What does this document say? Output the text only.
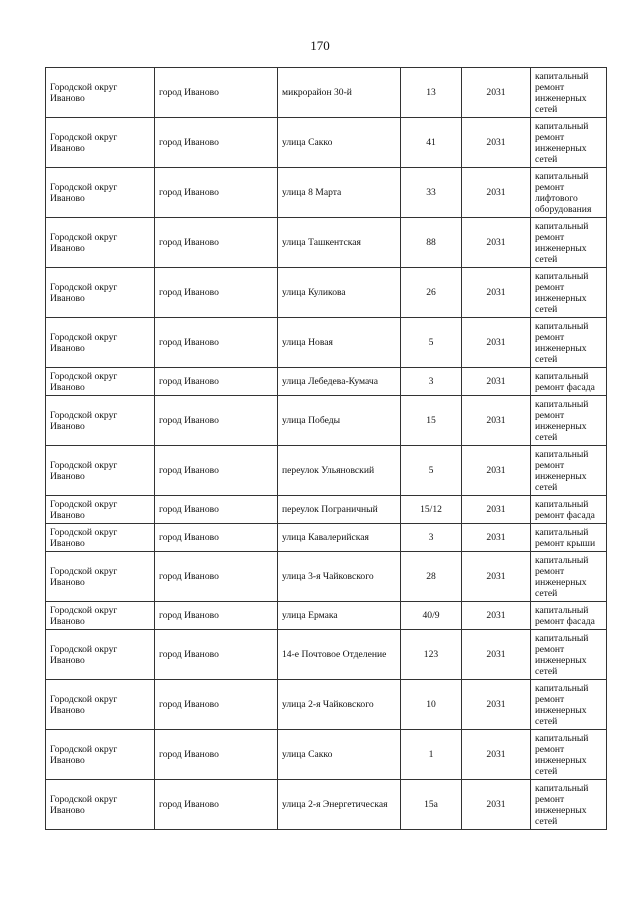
170
Городской округ Иваново	город Иваново	микрорайон 30-й	13	2031	капитальный ремонт инженерных сетей
Городской округ Иваново	город Иваново	улица Сакко	41	2031	капитальный ремонт инженерных сетей
Городской округ Иваново	город Иваново	улица 8 Марта	33	2031	капитальный ремонт лифтового оборудования
Городской округ Иваново	город Иваново	улица Ташкентская	88	2031	капитальный ремонт инженерных сетей
Городской округ Иваново	город Иваново	улица Куликова	26	2031	капитальный ремонт инженерных сетей
Городской округ Иваново	город Иваново	улица Новая	5	2031	капитальный ремонт инженерных сетей
Городской округ Иваново	город Иваново	улица Лебедева-Кумача	3	2031	капитальный ремонт фасада
Городской округ Иваново	город Иваново	улица Победы	15	2031	капитальный ремонт инженерных сетей
Городской округ Иваново	город Иваново	переулок Ульяновский	5	2031	капитальный ремонт инженерных сетей
Городской округ Иваново	город Иваново	переулок Пограничный	15/12	2031	капитальный ремонт фасада
Городской округ Иваново	город Иваново	улица Кавалерийская	3	2031	капитальный ремонт крыши
Городской округ Иваново	город Иваново	улица 3-я Чайковского	28	2031	капитальный ремонт инженерных сетей
Городской округ Иваново	город Иваново	улица Ермака	40/9	2031	капитальный ремонт фасада
Городской округ Иваново	город Иваново	14-е Почтовое Отделение	123	2031	капитальный ремонт инженерных сетей
Городской округ Иваново	город Иваново	улица 2-я Чайковского	10	2031	капитальный ремонт инженерных сетей
Городской округ Иваново	город Иваново	улица Сакко	1	2031	капитальный ремонт инженерных сетей
Городской округ Иваново	город Иваново	улица 2-я Энергетическая	15а	2031	капитальный ремонт инженерных сетей
